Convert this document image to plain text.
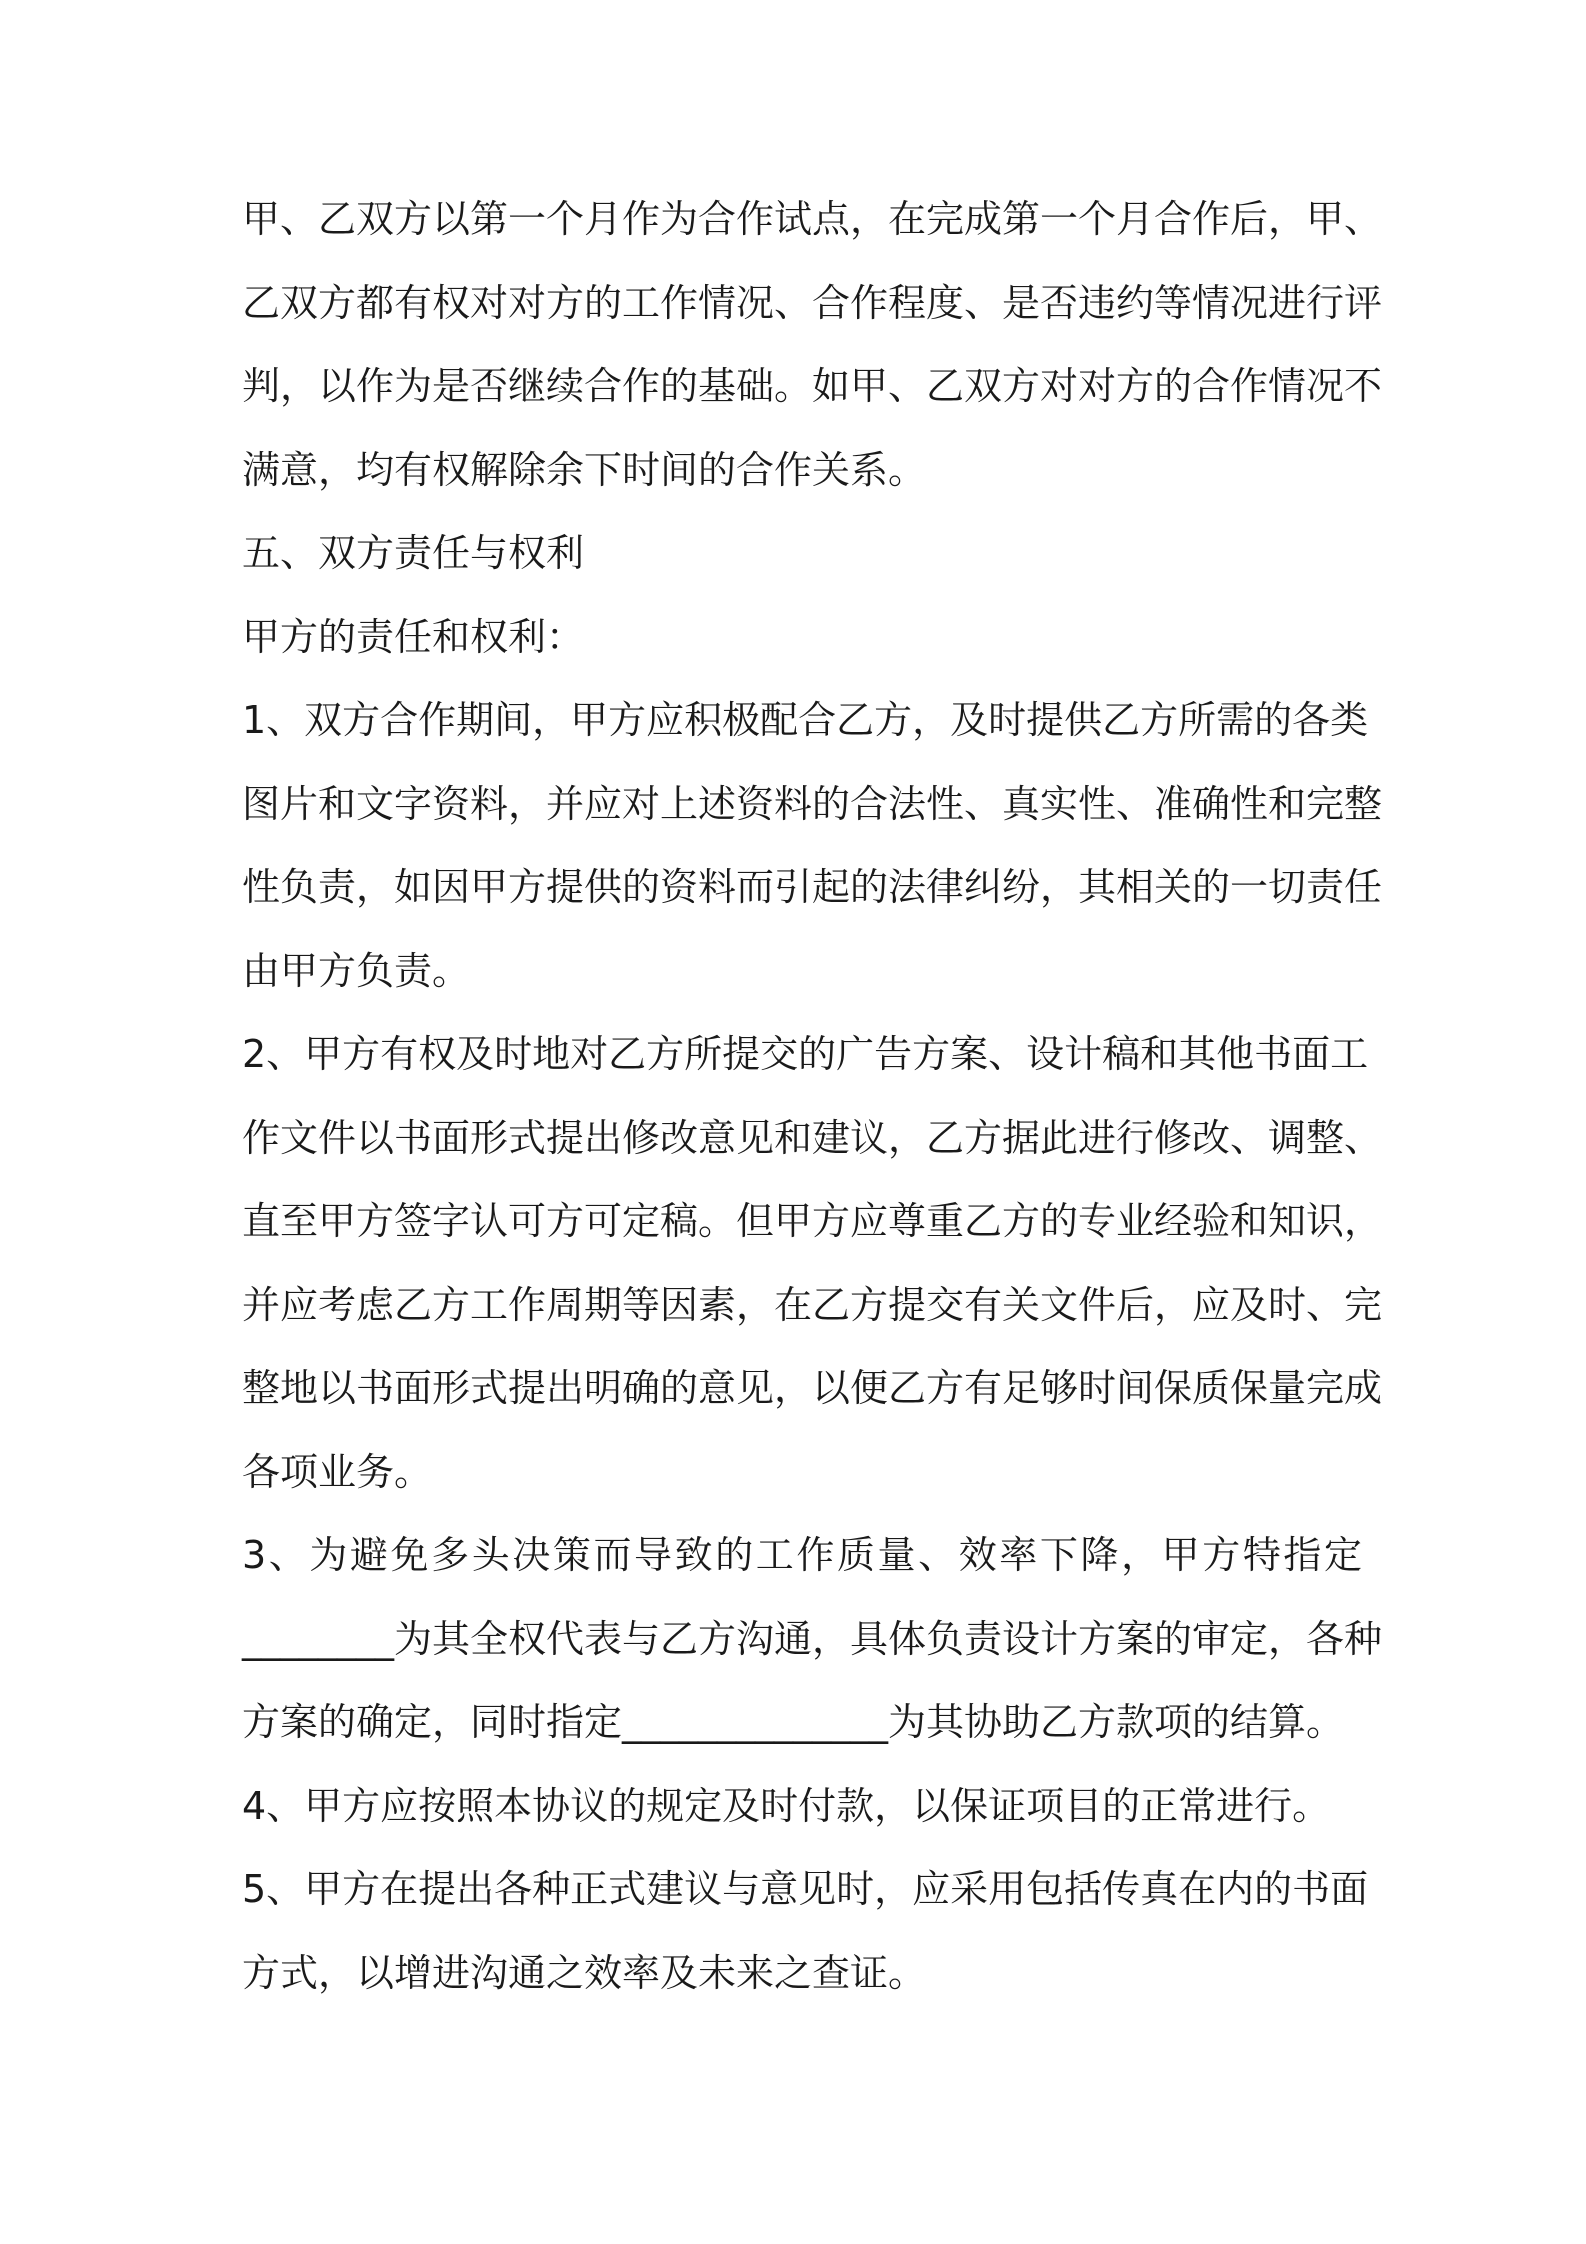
甲、乙双方以第一个月作为合作试点，在完成第一个月合作后，甲、
乙双方都有权对对方的工作情况、合作程度、是否违约等情况进行评
判，以作为是否继续合作的基础。如甲、乙双方对对方的合作情况不
满意，均有权解除余下时间的合作关系。
五、双方责任与权利
甲方的责任和权利：
1、双方合作期间，甲方应积极配合乙方，及时提供乙方所需的各类
图片和文字资料，并应对上述资料的合法性、真实性、准确性和完整
性负责，如因甲方提供的资料而引起的法律纠纷，其相关的一切责任
由甲方负责。
2、甲方有权及时地对乙方所提交的广告方案、设计稿和其他书面工
作文件以书面形式提出修改意见和建议，乙方据此进行修改、调整、
直至甲方签字认可方可定稿。但甲方应尊重乙方的专业经验和知识，
并应考虑乙方工作周期等因素，在乙方提交有关文件后，应及时、完
整地以书面形式提出明确的意见，以便乙方有足够时间保质保量完成
各项业务。
3、为避免多头决策而导致的工作质量、效率下降，甲方特指定
________为其全权代表与乙方沟通，具体负责设计方案的审定，各种
方案的确定，同时指定______________为其协助乙方款项的结算。
4、甲方应按照本协议的规定及时付款，以保证项目的正常进行。
5、甲方在提出各种正式建议与意见时，应采用包括传真在内的书面
方式，以增进沟通之效率及未来之查证。
